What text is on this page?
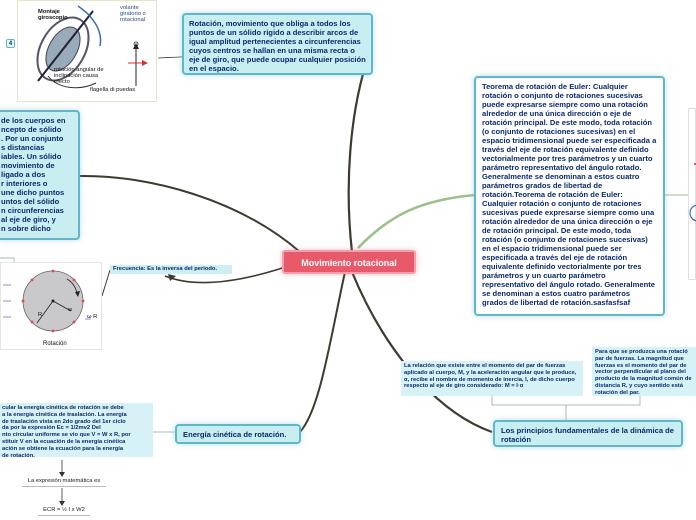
Movimiento rotacional
Rotación, movimiento que obliga a todos los puntos de un sólido rígido a describir arcos de igual amplitud pertenecientes a circunferencias cuyos centros se hallan en una misma recta o eje de giro, que puede ocupar cualquier posición en el espacio.
Teorema de rotación de Euler: Cualquier rotación o conjunto de rotaciones sucesivas puede expresarse siempre como una rotación alrededor de una única dirección o eje de rotación principal. De este modo, toda rotación (o conjunto de rotaciones sucesivas) en el espacio tridimensional puede ser especificada a través del eje de rotación equivalente definido vectorialmente por tres parámetros y un cuarto parámetro representativo del ángulo rotado. Generalmente se denominan a estos cuatro parámetros grados de libertad de rotación.Teorema de rotación de Euler: Cualquier rotación o conjunto de rotaciones sucesivas puede expresarse siempre como una rotación alrededor de una única dirección o eje de rotación principal. De este modo, toda rotación (o conjunto de rotaciones sucesivas) en el espacio tridimensional puede ser especificada a través del eje de rotación equivalente definido vectorialmente por tres parámetros y un cuarto parámetro representativo del ángulo rotado. Generalmente se denominan a estos cuatro parámetros grados de libertad de rotación.sasfasfsaf
de los cuerpos en
ncepto de sólido
. Por un conjunto
s distancias
iables. Un sólido
movimiento de
ligado a dos
r interiores o
une dicho puntos
untos del sólido
n circunferencias
al eje de giro, y
n sobre dicho
Frecuencia: Es la inversa del periodo.
Energía cinética de rotación.
cular la energía cinética de rotación se debe
a la energía cinética de traslación. La energía
de traslación vista en 2do grado del 1er ciclo
da por la expresión Ec = 1/2mv2 Del
nto circular uniforme se vio que V = W x R, por
stituir V en la ecuación de la energía cinética
ación se obtiene la ecuación para la energía
de rotación.
La expresión matemática es
ECR = ½ I x W2
La relación que existe entre el momento del par de fuerzas aplicado al cuerpo, M, y la aceleración angular que le produce, α, recibe el nombre de momento de inercia, I, de dicho cuerpo respecto al eje de giro considerado: M = I·α
Para que se produzca una rotació
par de fuerzas. La magnitud que
fuerzas es el momento del par de
vector perpendicular al plano del
producto de la magnitud común de
distancia R, y cuyo sentido está
rotación del par.
Los principios fundamentales de la dinámica de rotación
4
Montaje giroscopio
volante giratorio o rotacional
rotación angular de inclinación causa efecto
flagella di puedas
R
w
ω R
Rotación
